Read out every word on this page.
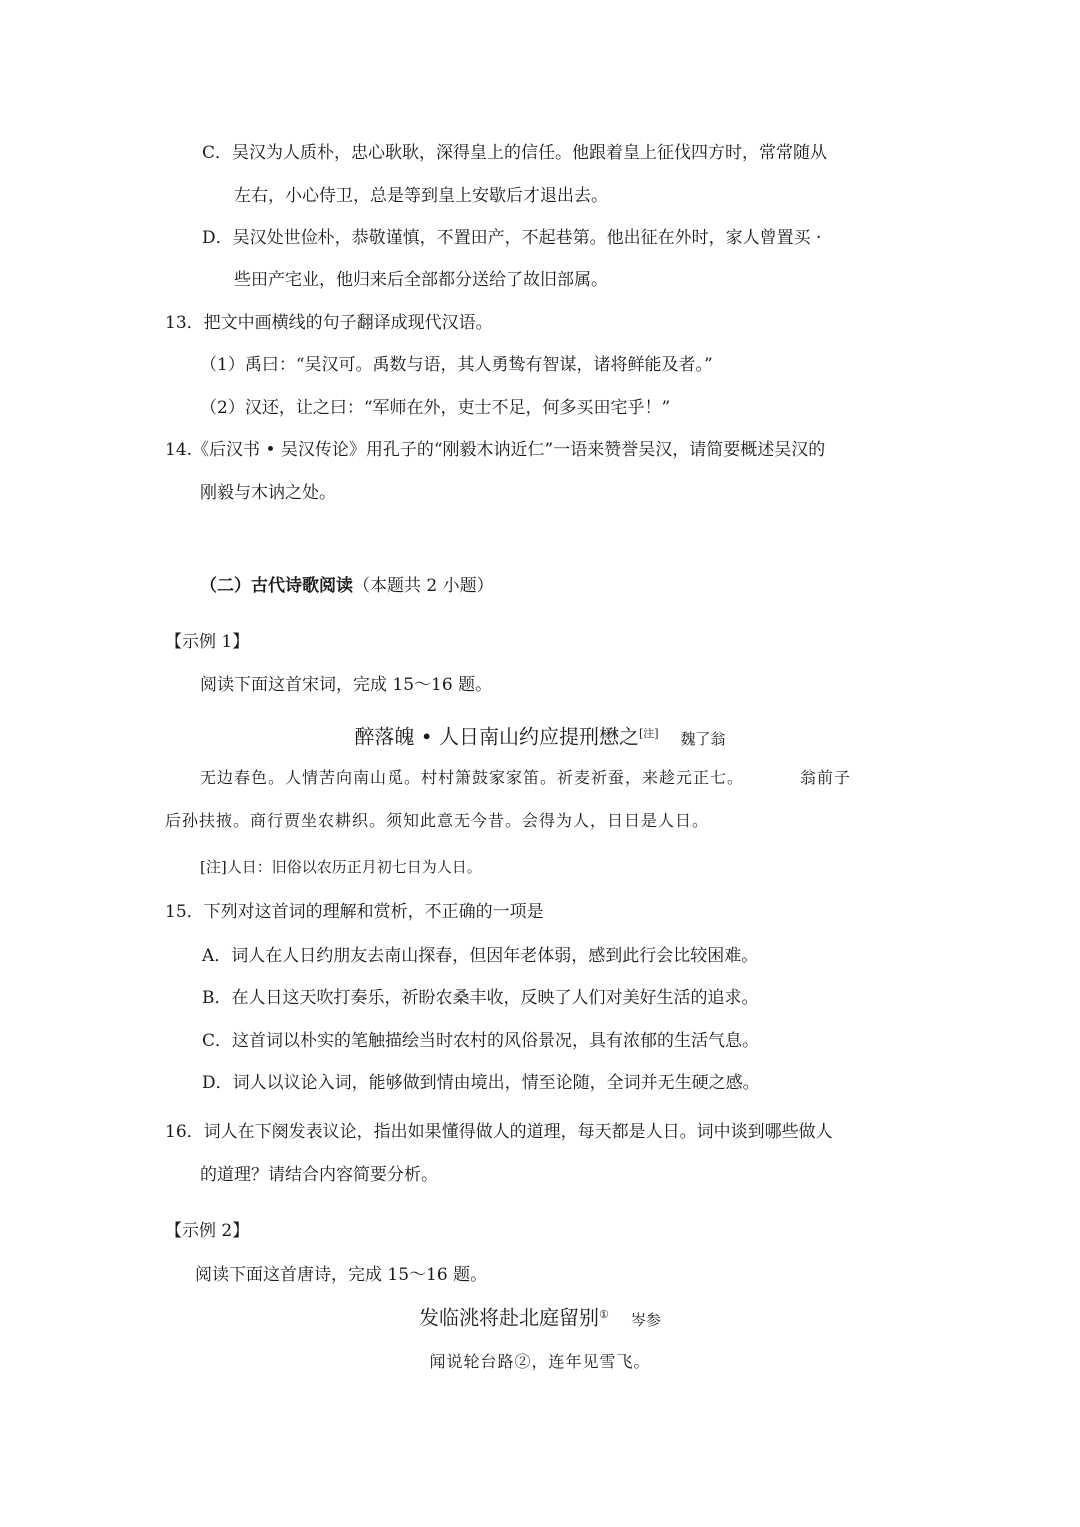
C．吴汉为人质朴，忠心耿耿，深得皇上的信任。他跟着皇上征伐四方时，常常随从
左右，小心侍卫，总是等到皇上安歇后才退出去。
D．吴汉处世俭朴，恭敬谨慎，不置田产，不起巷第。他出征在外时，家人曾置买 ·
些田产宅业，他归来后全部都分送给了故旧部属。
13．把文中画横线的句子翻译成现代汉语。
（1）禹曰：“吴汉可。禹数与语，其人勇鸷有智谋，诸将鲜能及者。”
（2）汉还，让之曰：“军师在外，吏士不足，何多买田宅乎！”
14.《后汉书 • 吴汉传论》用孔子的“刚毅木讷近仁”一语来赞誉吴汉，请简要概述吴汉的
刚毅与木讷之处。
（二）古代诗歌阅读（本题共 2 小题）
【示例 1】
阅读下面这首宋词，完成 15～16 题。
醉落魄 • 人日南山约应提刑懋之[注] 魏了翁
无边春色。人情苦向南山觅。村村箫鼓家家笛。祈麦祈蚕，来趁元正七。	翁前子
后孙扶掖。商行贾坐农耕织。须知此意无今昔。会得为人，日日是人日。
[注]人日：旧俗以农历正月初七日为人日。
15．下列对这首词的理解和赏析，不正确的一项是
A．词人在人日约朋友去南山探春，但因年老体弱，感到此行会比较困难。
B．在人日这天吹打奏乐，祈盼农桑丰收，反映了人们对美好生活的追求。
C．这首词以朴实的笔触描绘当时农村的风俗景况，具有浓郁的生活气息。
D．词人以议论入词，能够做到情由境出，情至论随，全词并无生硬之感。
16．词人在下阕发表议论，指出如果懂得做人的道理，每天都是人日。词中谈到哪些做人
的道理？请结合内容简要分析。
【示例 2】
阅读下面这首唐诗，完成 15～16 题。
发临洮将赴北庭留别① 岑参
闻说轮台路②，连年见雪飞。
